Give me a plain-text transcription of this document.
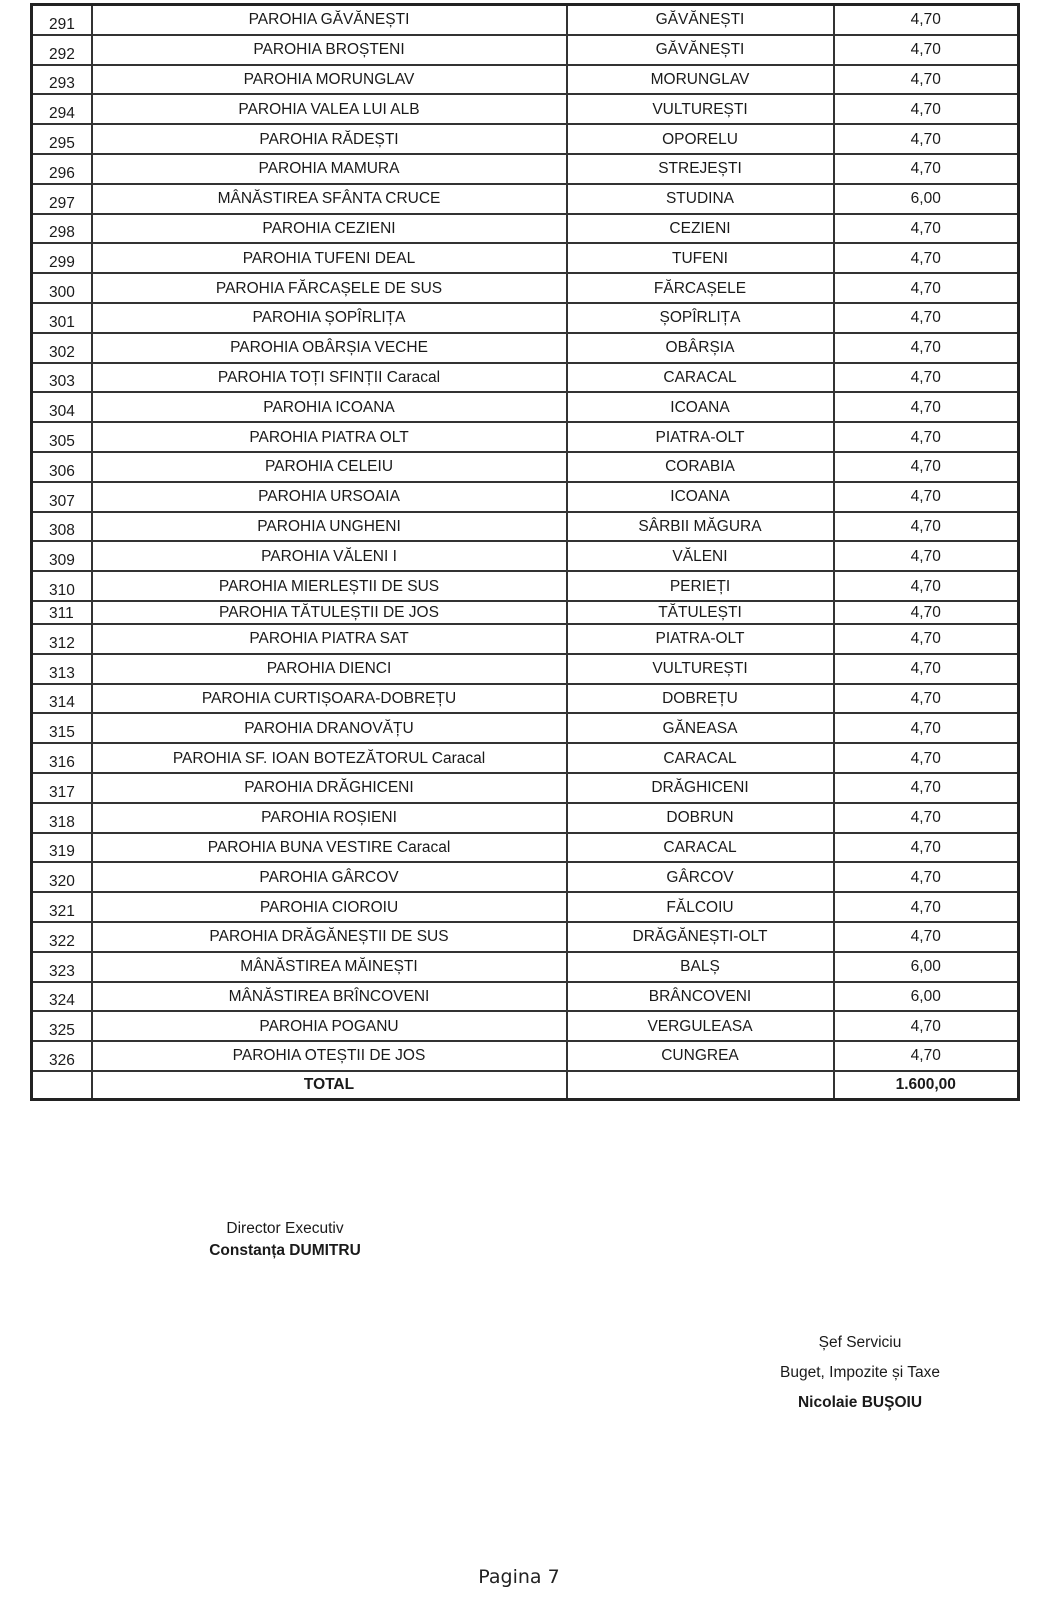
291	PAROHIA GĂVĂNEȘTI	GĂVĂNEȘTI	4,70
292	PAROHIA BROȘTENI	GĂVĂNEȘTI	4,70
293	PAROHIA MORUNGLAV	MORUNGLAV	4,70
294	PAROHIA VALEA LUI ALB	VULTUREȘTI	4,70
295	PAROHIA RĂDEȘTI	OPORELU	4,70
296	PAROHIA MAMURA	STREJEȘTI	4,70
297	MÂNĂSTIREA SFÂNTA CRUCE	STUDINA	6,00
298	PAROHIA CEZIENI	CEZIENI	4,70
299	PAROHIA TUFENI DEAL	TUFENI	4,70
300	PAROHIA FĂRCAȘELE DE SUS	FĂRCAȘELE	4,70
301	PAROHIA ȘOPÎRLIȚA	ȘOPÎRLIȚA	4,70
302	PAROHIA OBÂRȘIA VECHE	OBÂRȘIA	4,70
303	PAROHIA TOȚI SFINȚII Caracal	CARACAL	4,70
304	PAROHIA ICOANA	ICOANA	4,70
305	PAROHIA PIATRA OLT	PIATRA-OLT	4,70
306	PAROHIA CELEIU	CORABIA	4,70
307	PAROHIA URSOAIA	ICOANA	4,70
308	PAROHIA UNGHENI	SÂRBII MĂGURA	4,70
309	PAROHIA VĂLENI I	VĂLENI	4,70
310	PAROHIA MIERLEȘTII DE SUS	PERIEȚI	4,70
311	PAROHIA TĂTULEȘTII DE JOS	TĂTULEȘTI	4,70
312	PAROHIA PIATRA SAT	PIATRA-OLT	4,70
313	PAROHIA DIENCI	VULTUREȘTI	4,70
314	PAROHIA CURTIȘOARA-DOBREȚU	DOBREȚU	4,70
315	PAROHIA DRANOVĂȚU	GĂNEASA	4,70
316	PAROHIA SF. IOAN BOTEZĂTORUL Caracal	CARACAL	4,70
317	PAROHIA DRĂGHICENI	DRĂGHICENI	4,70
318	PAROHIA ROȘIENI	DOBRUN	4,70
319	PAROHIA BUNA VESTIRE Caracal	CARACAL	4,70
320	PAROHIA GÂRCOV	GÂRCOV	4,70
321	PAROHIA CIOROIU	FĂLCOIU	4,70
322	PAROHIA DRĂGĂNEȘTII DE SUS	DRĂGĂNEȘTI-OLT	4,70
323	MÂNĂSTIREA MĂINEȘTI	BALȘ	6,00
324	MÂNĂSTIREA BRÎNCOVENI	BRÂNCOVENI	6,00
325	PAROHIA POGANU	VERGULEASA	4,70
326	PAROHIA OTEȘTII DE JOS	CUNGREA	4,70
	TOTAL		1.600,00
Director Executiv
Constanța DUMITRU
Șef Serviciu
Buget, Impozite și Taxe
Nicolaie BUŞOIU
Pagina 7
